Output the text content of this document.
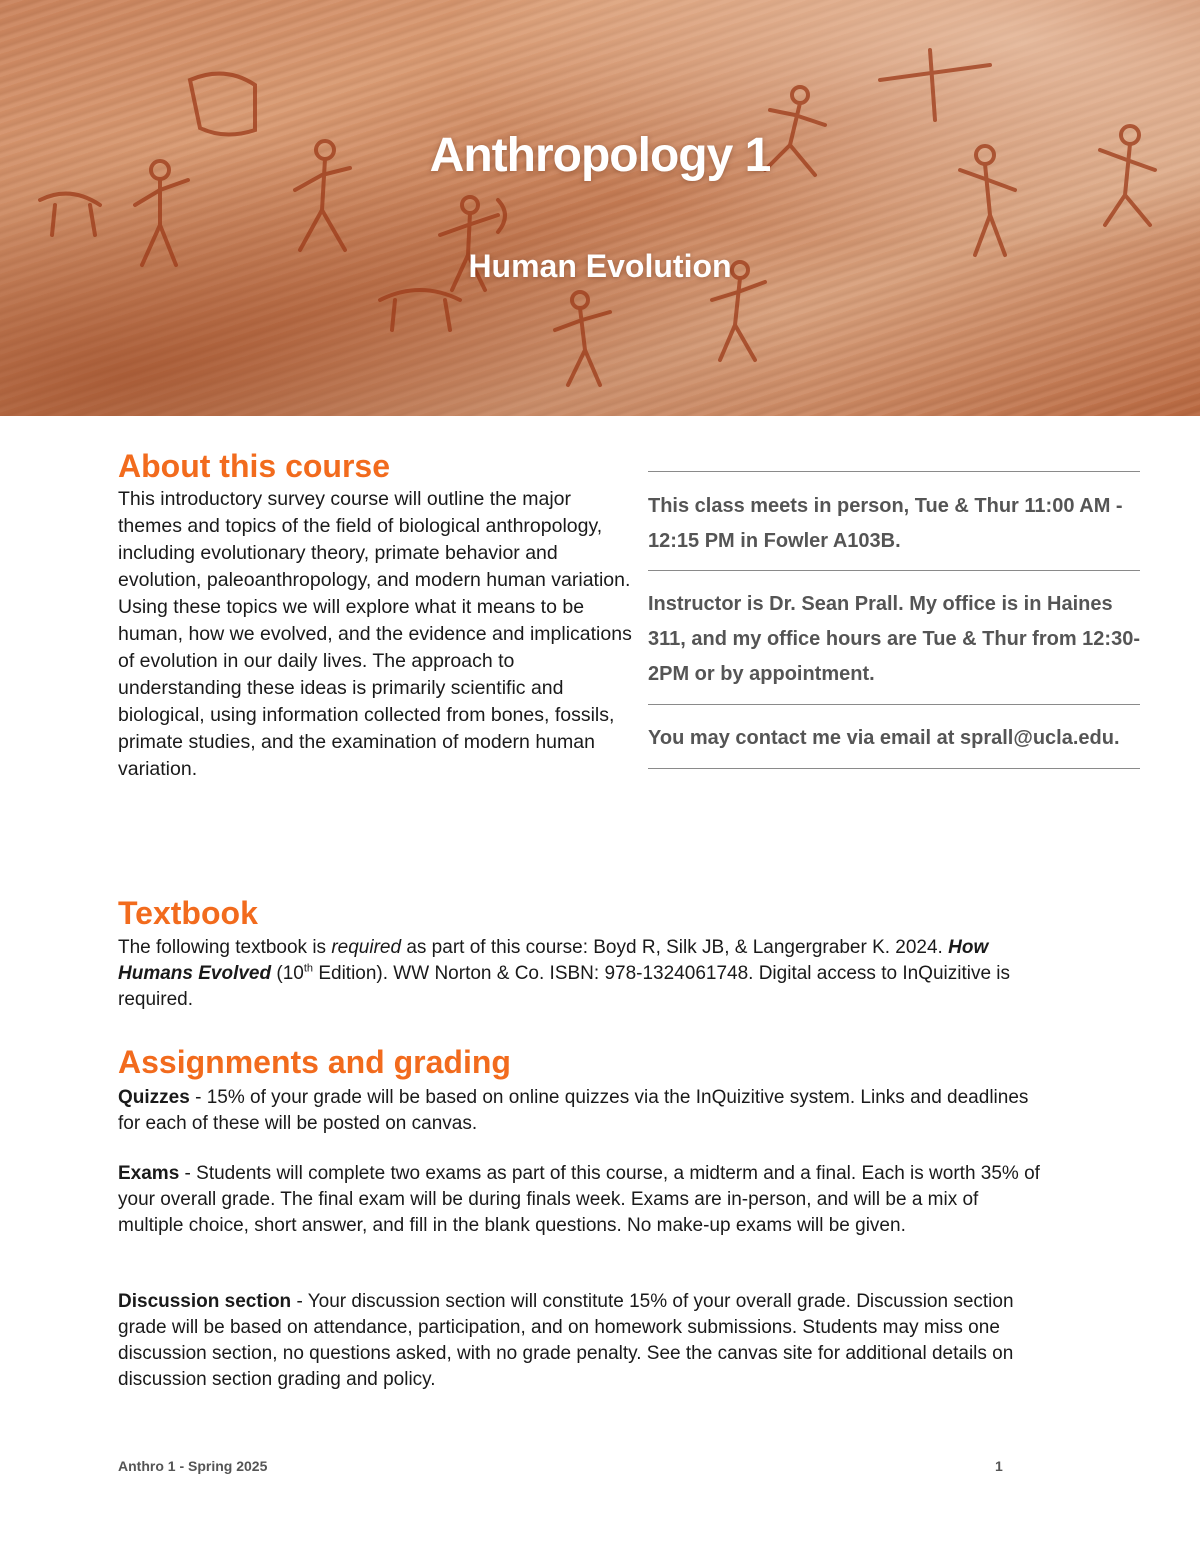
Anthropology 1
Human Evolution
About this course

This introductory survey course will outline the major themes and topics of the field of biological anthropology, including evolutionary theory, primate behavior and evolution, paleoanthropology, and modern human variation. Using these topics we will explore what it means to be human, how we evolved, and the evidence and implications of evolution in our daily lives. The approach to understanding these ideas is primarily scientific and biological, using information collected from bones, fossils, primate studies, and the examination of modern human variation.

This class meets in person, Tue & Thur 11:00 AM - 12:15 PM in Fowler A103B.

Instructor is Dr. Sean Prall. My office is in Haines 311, and my office hours are Tue & Thur from 12:30-2PM or by appointment.

You may contact me via email at sprall@ucla.edu.

Textbook

The following textbook is required as part of this course: Boyd R, Silk JB, & Langergraber K. 2024. How Humans Evolved (10th Edition). WW Norton & Co. ISBN: 978-1324061748. Digital access to InQuizitive is required.

Assignments and grading

Quizzes - 15% of your grade will be based on online quizzes via the InQuizitive system. Links and deadlines for each of these will be posted on canvas.

Exams - Students will complete two exams as part of this course, a midterm and a final. Each is worth 35% of your overall grade. The final exam will be during finals week. Exams are in-person, and will be a mix of multiple choice, short answer, and fill in the blank questions. No make-up exams will be given.

Discussion section - Your discussion section will constitute 15% of your overall grade. Discussion section grade will be based on attendance, participation, and on homework submissions. Students may miss one discussion section, no questions asked, with no grade penalty. See the canvas site for additional details on discussion section grading and policy.

Anthro 1 - Spring 2025	1
